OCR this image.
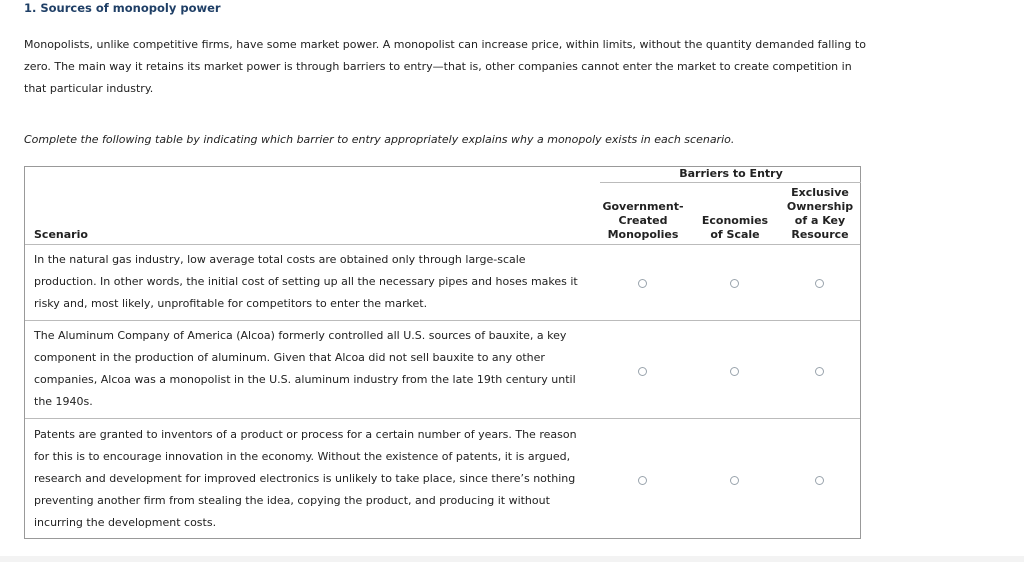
1. Sources of monopoly power
Monopolists, unlike competitive firms, have some market power. A monopolist can increase price, within limits, without the quantity demanded falling to zero. The main way it retains its market power is through barriers to entry—that is, other companies cannot enter the market to create competition in that particular industry.
Complete the following table by indicating which barrier to entry appropriately explains why a monopoly exists in each scenario.
Barriers to Entry
Government-
Created
Monopolies
Economies
of Scale
Exclusive
Ownership
of a Key
Resource
Scenario
In the natural gas industry, low average total costs are obtained only through large-scale production. In other words, the initial cost of setting up all the necessary pipes and hoses makes it risky and, most likely, unprofitable for competitors to enter the market.
The Aluminum Company of America (Alcoa) formerly controlled all U.S. sources of bauxite, a key component in the production of aluminum. Given that Alcoa did not sell bauxite to any other companies, Alcoa was a monopolist in the U.S. aluminum industry from the late 19th century until the 1940s.
Patents are granted to inventors of a product or process for a certain number of years. The reason for this is to encourage innovation in the economy. Without the existence of patents, it is argued, research and development for improved electronics is unlikely to take place, since there’s nothing preventing another firm from stealing the idea, copying the product, and producing it without incurring the development costs.
